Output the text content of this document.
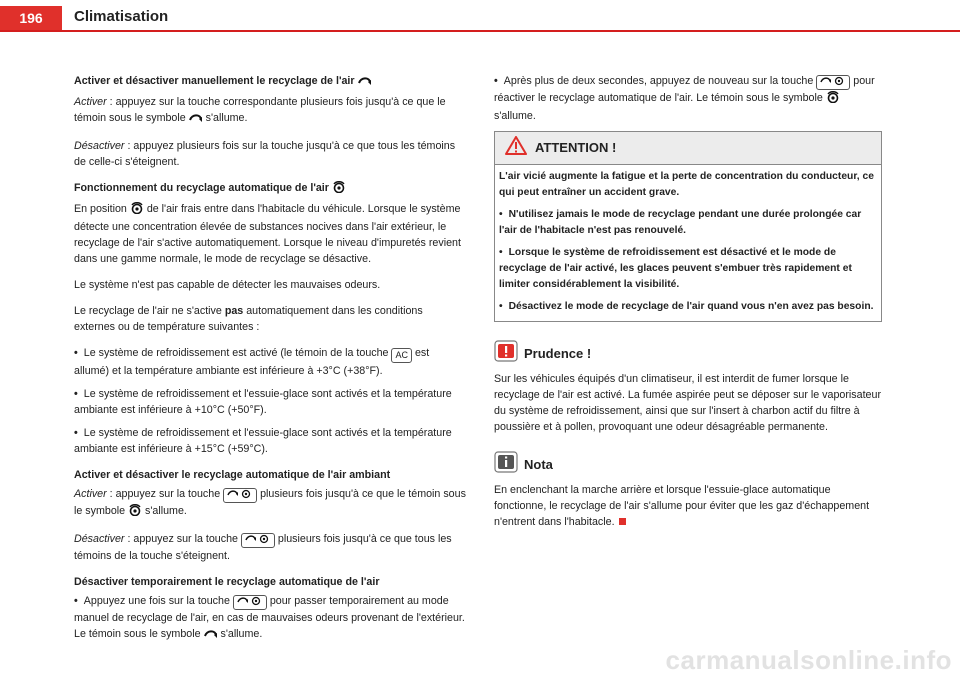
196	Climatisation

Activer et désactiver manuellement le recyclage de l'air

Activer : appuyez sur la touche correspondante plusieurs fois jusqu'à ce que le témoin sous le symbole  s'allume.

Désactiver : appuyez plusieurs fois sur la touche jusqu'à ce que tous les témoins de celle-ci s'éteignent.

Fonctionnement du recyclage automatique de l'air

En position  de l'air frais entre dans l'habitacle du véhicule. Lorsque le système détecte une concentration élevée de substances nocives dans l'air extérieur, le recyclage de l'air s'active automatiquement. Lorsque le niveau d'impuretés revient dans une gamme normale, le mode de recyclage se désactive.

Le système n'est pas capable de détecter les mauvaises odeurs.

Le recyclage de l'air ne s'active pas automatiquement dans les conditions externes ou de température suivantes :

• Le système de refroidissement est activé (le témoin de la touche AC est allumé) et la température ambiante est inférieure à +3°C (+38°F).

• Le système de refroidissement et l'essuie-glace sont activés et la température ambiante est inférieure à +10°C (+50°F).

• Le système de refroidissement et l'essuie-glace sont activés et la température ambiante est inférieure à +15°C (+59°C).

Activer et désactiver le recyclage automatique de l'air ambiant

Activer : appuyez sur la touche	plusieurs fois jusqu'à ce que le témoin sous le symbole  s'allume.

Désactiver : appuyez sur la touche	plusieurs fois jusqu'à ce que tous les témoins de la touche s'éteignent.

Désactiver temporairement le recyclage automatique de l'air

• Appuyez une fois sur la touche	pour passer temporairement au mode manuel de recyclage de l'air, en cas de mauvaises odeurs provenant de l'extérieur. Le témoin sous le symbole  s'allume.

• Après plus de deux secondes, appuyez de nouveau sur la touche	pour réactiver le recyclage automatique de l'air. Le témoin sous le symbole  s'allume.

ATTENTION !

L'air vicié augmente la fatigue et la perte de concentration du conducteur, ce qui peut entraîner un accident grave.

• N'utilisez jamais le mode de recyclage pendant une durée prolongée car l'air de l'habitacle n'est pas renouvelé.

• Lorsque le système de refroidissement est désactivé et le mode de recyclage de l'air activé, les glaces peuvent s'embuer très rapidement et limiter considérablement la visibilité.

• Désactivez le mode de recyclage de l'air quand vous n'en avez pas besoin.

Prudence !

Sur les véhicules équipés d'un climatiseur, il est interdit de fumer lorsque le recyclage de l'air est activé. La fumée aspirée peut se déposer sur le vaporisateur du système de refroidissement, ainsi que sur l'insert à charbon actif du filtre à poussière et à pollen, provoquant une odeur désagréable permanente.

Nota

En enclenchant la marche arrière et lorsque l'essuie-glace automatique fonctionne, le recyclage de l'air s'allume pour éviter que les gaz d'échappement n'entrent dans l'habitacle.

carmanualsonline.info
